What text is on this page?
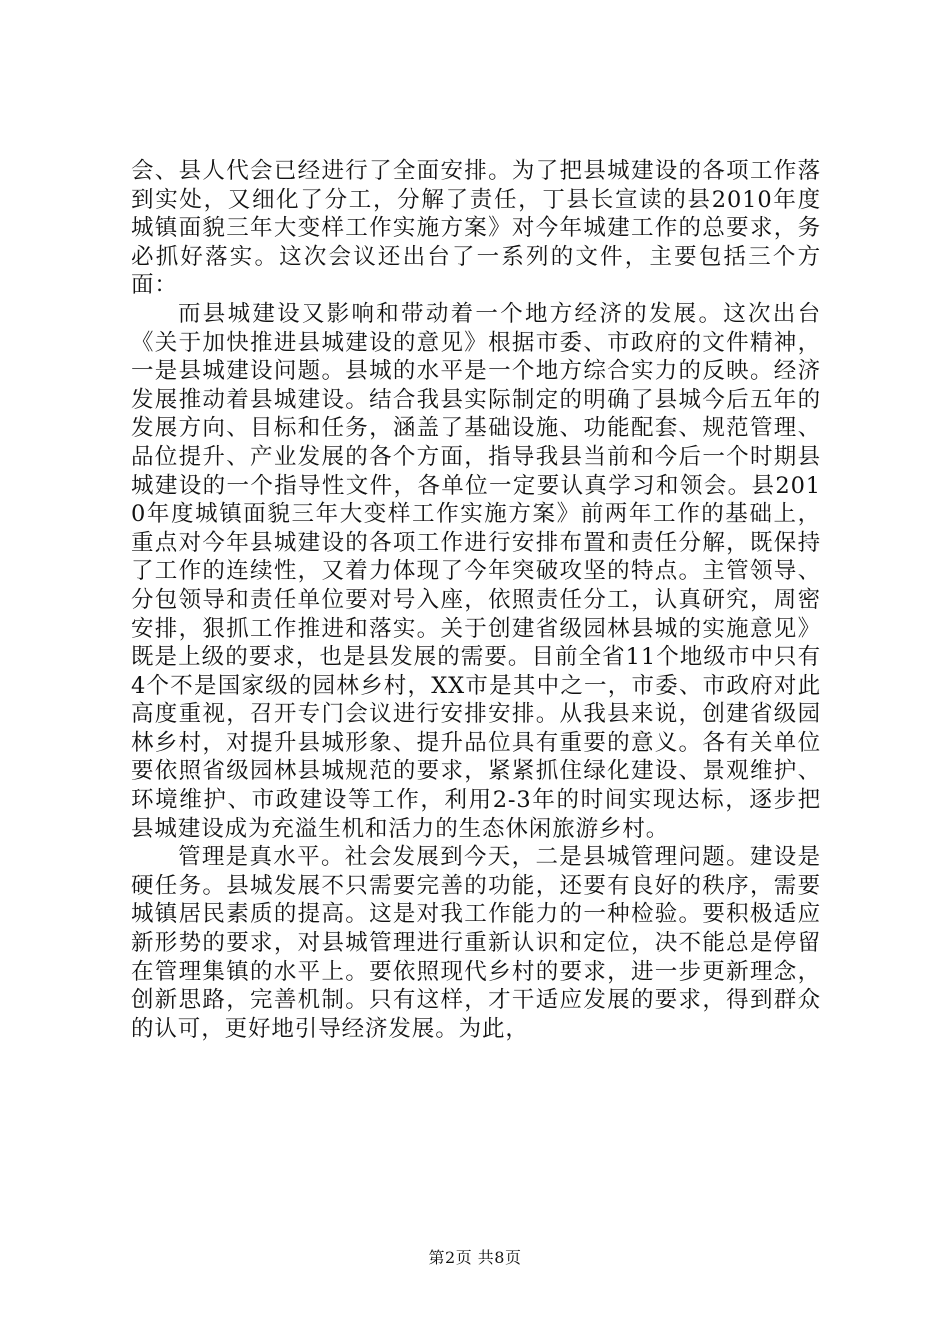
会、县人代会已经进行了全面安排。为了把县城建设的各项工作落到实处，又细化了分工，分解了责任，丁县长宣读的县2010年度城镇面貌三年大变样工作实施方案》对今年城建工作的总要求，务必抓好落实。这次会议还出台了一系列的文件，主要包括三个方面：

而县城建设又影响和带动着一个地方经济的发展。这次出台《关于加快推进县城建设的意见》根据市委、市政府的文件精神，一是县城建设问题。县城的水平是一个地方综合实力的反映。经济发展推动着县城建设。结合我县实际制定的明确了县城今后五年的发展方向、目标和任务，涵盖了基础设施、功能配套、规范管理、品位提升、产业发展的各个方面，指导我县当前和今后一个时期县城建设的一个指导性文件，各单位一定要认真学习和领会。县2010年度城镇面貌三年大变样工作实施方案》前两年工作的基础上，重点对今年县城建设的各项工作进行安排布置和责任分解，既保持了工作的连续性，又着力体现了今年突破攻坚的特点。主管领导、分包领导和责任单位要对号入座，依照责任分工，认真研究，周密安排，狠抓工作推进和落实。关于创建省级园林县城的实施意见》既是上级的要求，也是县发展的需要。目前全省11个地级市中只有4个不是国家级的园林乡村，XX市是其中之一，市委、市政府对此高度重视，召开专门会议进行安排安排。从我县来说，创建省级园林乡村，对提升县城形象、提升品位具有重要的意义。各有关单位要依照省级园林县城规范的要求，紧紧抓住绿化建设、景观维护、环境维护、市政建设等工作，利用2-3年的时间实现达标，逐步把县城建设成为充溢生机和活力的生态休闲旅游乡村。

管理是真水平。社会发展到今天，二是县城管理问题。建设是硬任务。县城发展不只需要完善的功能，还要有良好的秩序，需要城镇居民素质的提高。这是对我工作能力的一种检验。要积极适应新形势的要求，对县城管理进行重新认识和定位，决不能总是停留在管理集镇的水平上。要依照现代乡村的要求，进一步更新理念，创新思路，完善机制。只有这样，才干适应发展的要求，得到群众的认可，更好地引导经济发展。为此，

第2页 共8页
